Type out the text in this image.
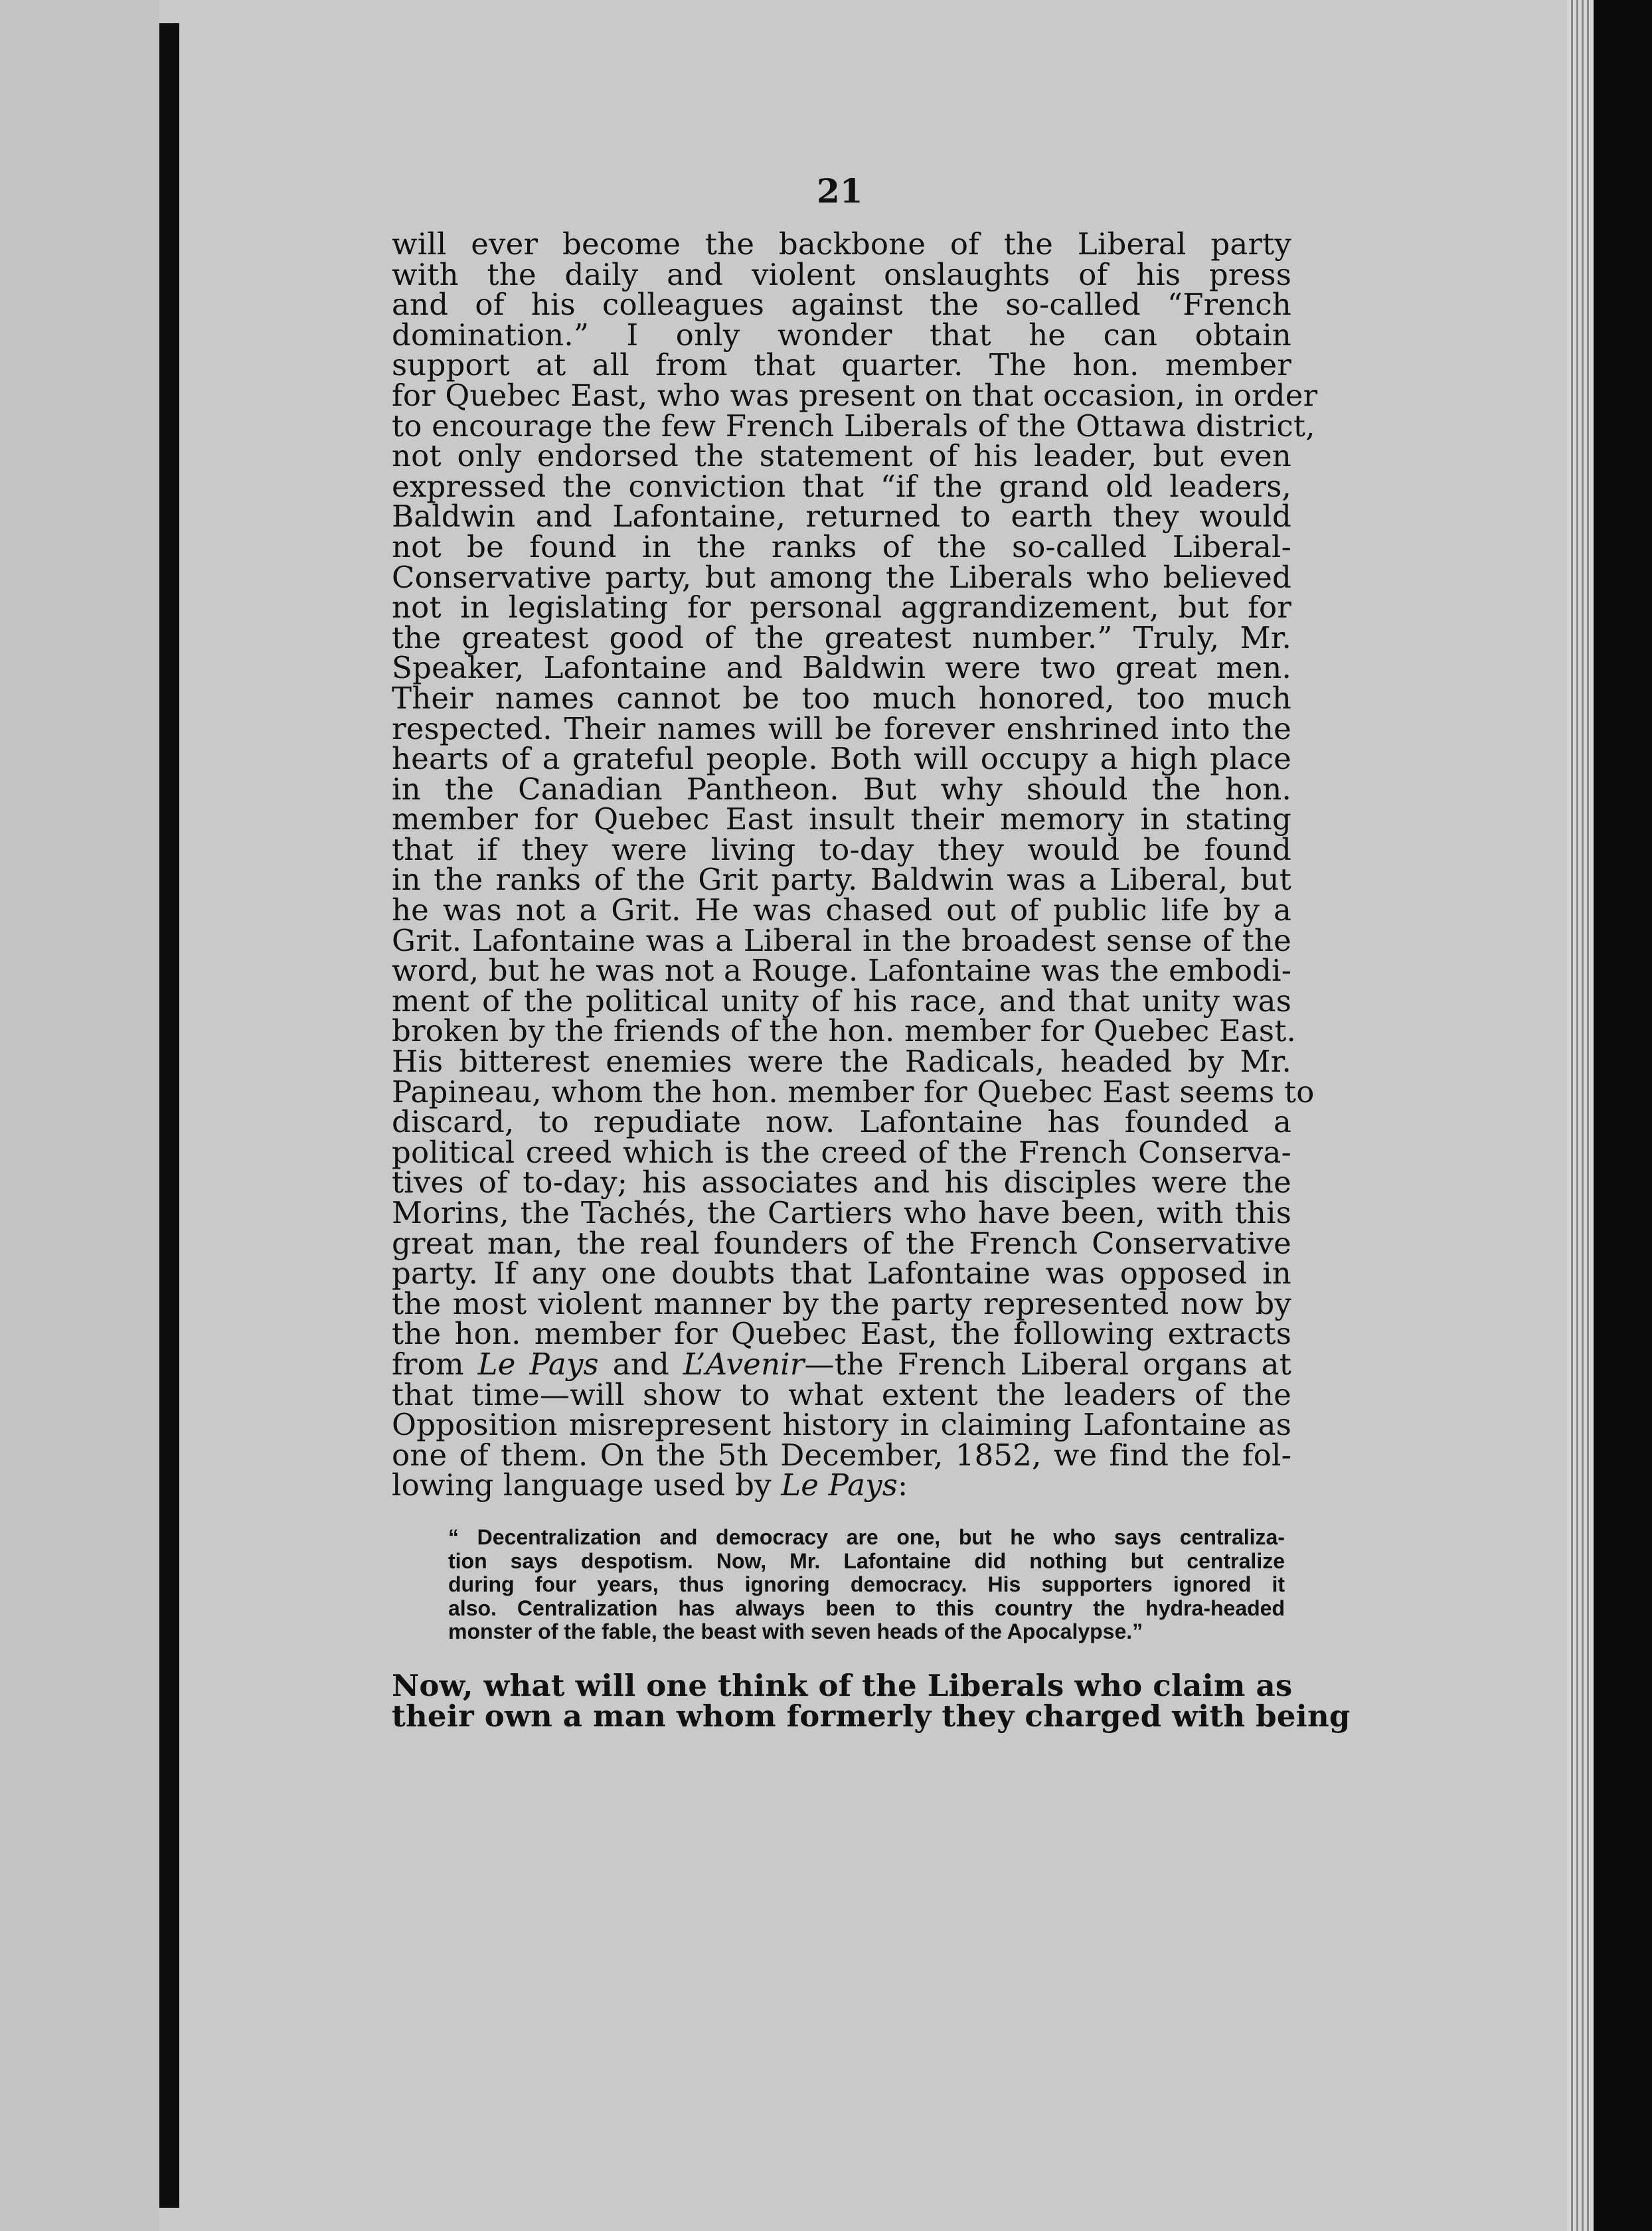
21
will ever become the backbone of the Liberal party
with the daily and violent onslaughts of his press
and of his colleagues against the so-called “French
domination.” I only wonder that he can obtain
support at all from that quarter. The hon. member
for Quebec East, who was present on that occasion, in order
to encourage the few French Liberals of the Ottawa district,
not only endorsed the statement of his leader, but even
expressed the conviction that “if the grand old leaders,
Baldwin and Lafontaine, returned to earth they would
not be found in the ranks of the so-called Liberal-
Conservative party, but among the Liberals who believed
not in legislating for personal aggrandizement, but for
the greatest good of the greatest number.” Truly, Mr.
Speaker, Lafontaine and Baldwin were two great men.
Their names cannot be too much honored, too much
respected. Their names will be forever enshrined into the
hearts of a grateful people. Both will occupy a high place
in the Canadian Pantheon. But why should the hon.
member for Quebec East insult their memory in stating
that if they were living to-day they would be found
in the ranks of the Grit party. Baldwin was a Liberal, but
he was not a Grit. He was chased out of public life by a
Grit. Lafontaine was a Liberal in the broadest sense of the
word, but he was not a Rouge. Lafontaine was the embodi-
ment of the political unity of his race, and that unity was
broken by the friends of the hon. member for Quebec East.
His bitterest enemies were the Radicals, headed by Mr.
Papineau, whom the hon. member for Quebec East seems to
discard, to repudiate now. Lafontaine has founded a
political creed which is the creed of the French Conserva-
tives of to-day; his associates and his disciples were the
Morins, the Tachés, the Cartiers who have been, with this
great man, the real founders of the French Conservative
party. If any one doubts that Lafontaine was opposed in
the most violent manner by the party represented now by
the hon. member for Quebec East, the following extracts
from Le Pays and L’Avenir—the French Liberal organs at
that time—will show to what extent the leaders of the
Opposition misrepresent history in claiming Lafontaine as
one of them. On the 5th December, 1852, we find the fol-
lowing language used by Le Pays:
“ Decentralization and democracy are one, but he who says centraliza-
tion says despotism. Now, Mr. Lafontaine did nothing but centralize
during four years, thus ignoring democracy. His supporters ignored it
also. Centralization has always been to this country the hydra-headed
monster of the fable, the beast with seven heads of the Apocalypse.”
Now, what will one think of the Liberals who claim as
their own a man whom formerly they charged with being
